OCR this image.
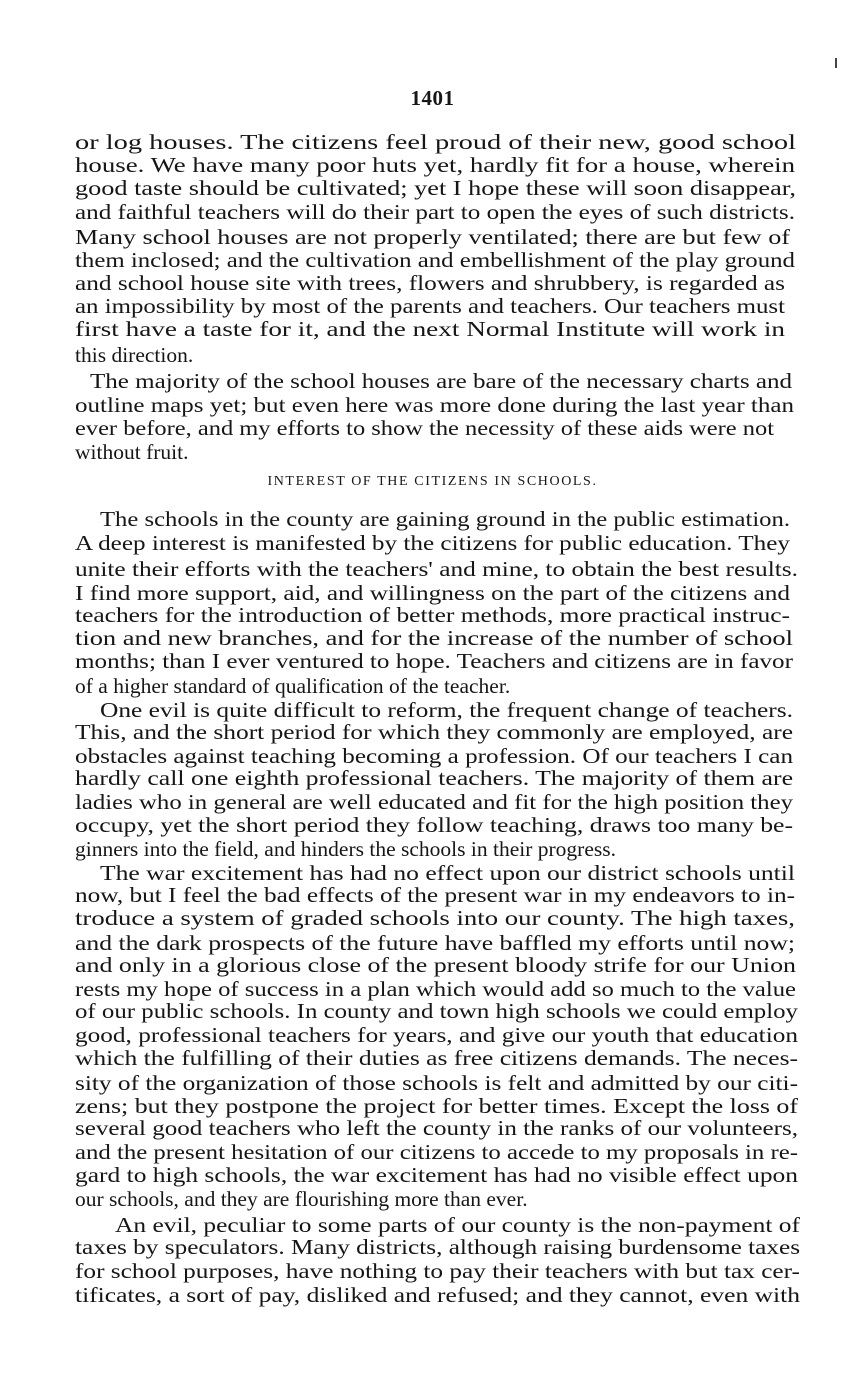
1401
or log houses. The citizens feel proud of their new, good school
house. We have many poor huts yet, hardly fit for a house, wherein
good taste should be cultivated; yet I hope these will soon disappear,
and faithful teachers will do their part to open the eyes of such districts.
Many school houses are not properly ventilated; there are but few of
them inclosed; and the cultivation and embellishment of the play ground
and school house site with trees, flowers and shrubbery, is regarded as
an impossibility by most of the parents and teachers. Our teachers must
first have a taste for it, and the next Normal Institute will work in
this direction.
The majority of the school houses are bare of the necessary charts and
outline maps yet; but even here was more done during the last year than
ever before, and my efforts to show the necessity of these aids were not
without fruit.
INTEREST OF THE CITIZENS IN SCHOOLS.
The schools in the county are gaining ground in the public estimation.
A deep interest is manifested by the citizens for public education. They
unite their efforts with the teachers' and mine, to obtain the best results.
I find more support, aid, and willingness on the part of the citizens and
teachers for the introduction of better methods, more practical instruc-
tion and new branches, and for the increase of the number of school
months; than I ever ventured to hope. Teachers and citizens are in favor
of a higher standard of qualification of the teacher.
One evil is quite difficult to reform, the frequent change of teachers.
This, and the short period for which they commonly are employed, are
obstacles against teaching becoming a profession. Of our teachers I can
hardly call one eighth professional teachers. The majority of them are
ladies who in general are well educated and fit for the high position they
occupy, yet the short period they follow teaching, draws too many be-
ginners into the field, and hinders the schools in their progress.
The war excitement has had no effect upon our district schools until
now, but I feel the bad effects of the present war in my endeavors to in-
troduce a system of graded schools into our county. The high taxes,
and the dark prospects of the future have baffled my efforts until now;
and only in a glorious close of the present bloody strife for our Union
rests my hope of success in a plan which would add so much to the value
of our public schools. In county and town high schools we could employ
good, professional teachers for years, and give our youth that education
which the fulfilling of their duties as free citizens demands. The neces-
sity of the organization of those schools is felt and admitted by our citi-
zens; but they postpone the project for better times. Except the loss of
several good teachers who left the county in the ranks of our volunteers,
and the present hesitation of our citizens to accede to my proposals in re-
gard to high schools, the war excitement has had no visible effect upon
our schools, and they are flourishing more than ever.
An evil, peculiar to some parts of our county is the non-payment of
taxes by speculators. Many districts, although raising burdensome taxes
for school purposes, have nothing to pay their teachers with but tax cer-
tificates, a sort of pay, disliked and refused; and they cannot, even with
